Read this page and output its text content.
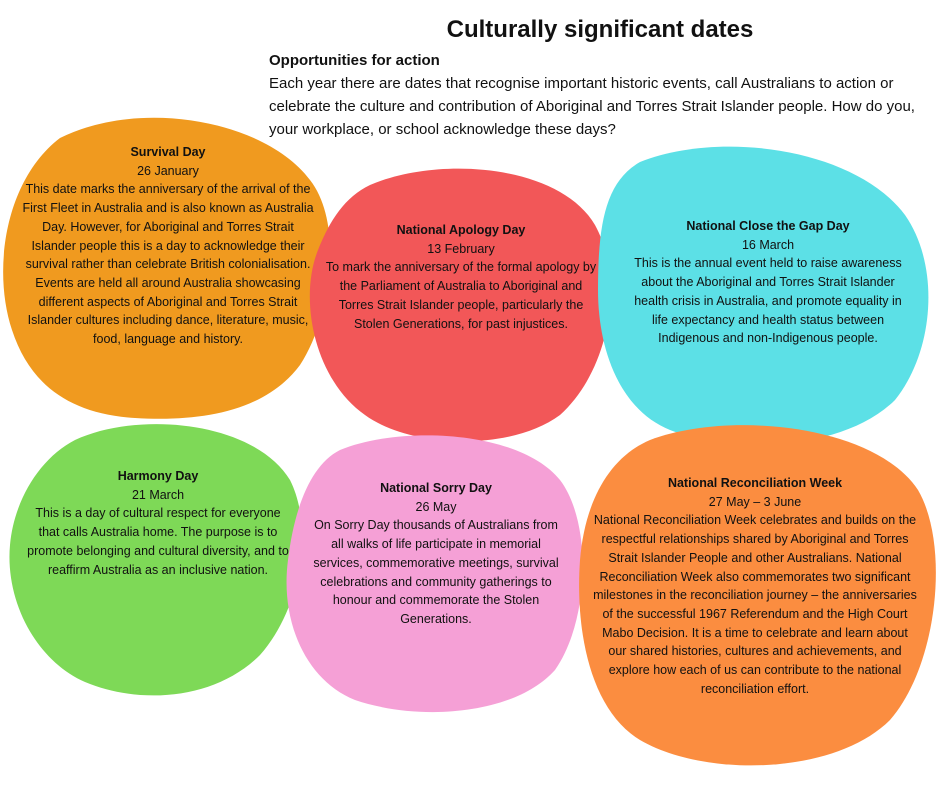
Culturally significant dates

Opportunities for action

Each year there are dates that recognise important historic events, call Australians to action or celebrate the culture and contribution of Aboriginal and Torres Strait Islander people. How do you, your workplace, or school acknowledge these days?

Survival Day
26 January
This date marks the anniversary of the arrival of the First Fleet in Australia and is also known as Australia Day. However, for Aboriginal and Torres Strait Islander people this is a day to acknowledge their survival rather than celebrate British colonialisation. Events are held all around Australia showcasing different aspects of Aboriginal and Torres Strait Islander cultures including dance, literature, music, food, language and history.
National Apology Day
13 February
To mark the anniversary of the formal apology by the Parliament of Australia to Aboriginal and Torres Strait Islander people, particularly the Stolen Generations, for past injustices.
National Close the Gap Day
16 March
This is the annual event held to raise awareness about the Aboriginal and Torres Strait Islander health crisis in Australia, and promote equality in life expectancy and health status between Indigenous and non-Indigenous people.
Harmony Day
21 March
This is a day of cultural respect for everyone that calls Australia home. The purpose is to promote belonging and cultural diversity, and to reaffirm Australia as an inclusive nation.
National Sorry Day
26 May
On Sorry Day thousands of Australians from all walks of life participate in memorial services, commemorative meetings, survival celebrations and community gatherings to honour and commemorate the Stolen Generations.
National Reconciliation Week
27 May – 3 June
National Reconciliation Week celebrates and builds on the respectful relationships shared by Aboriginal and Torres Strait Islander People and other Australians. National Reconciliation Week also commemorates two significant milestones in the reconciliation journey – the anniversaries of the successful 1967 Referendum and the High Court Mabo Decision. It is a time to celebrate and learn about our shared histories, cultures and achievements, and explore how each of us can contribute to the national reconciliation effort.
